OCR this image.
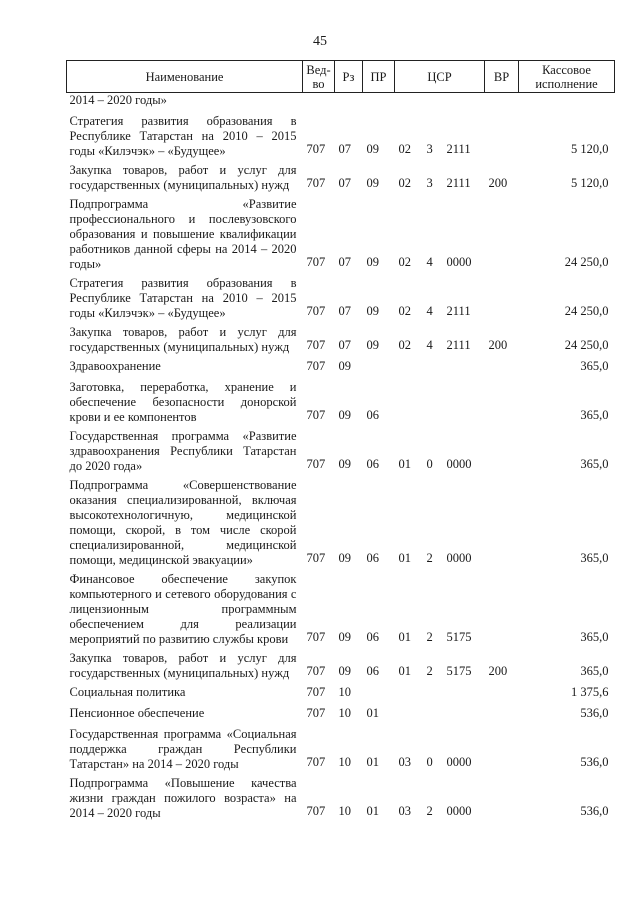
45
Наименование	Вед-во	Рз	ПР	ЦСР			ВР	Кассовое исполнение
2014 – 2020 годы»								
Стратегия развития образования в Республике Татарстан на 2010 – 2015 годы «Килэчэк» – «Будущее»	707	07	09	02	3	2111		5 120,0
Закупка товаров, работ и услуг для государственных (муниципальных) нужд	707	07	09	02	3	2111	200	5 120,0
Подпрограмма «Развитие профессионального и послевузовского образования и повышение квалификации работников данной сферы на 2014 – 2020 годы»	707	07	09	02	4	0000		24 250,0
Стратегия развития образования в Республике Татарстан на 2010 – 2015 годы «Килэчэк» – «Будущее»	707	07	09	02	4	2111		24 250,0
Закупка товаров, работ и услуг для государственных (муниципальных) нужд	707	07	09	02	4	2111	200	24 250,0
Здравоохранение	707	09						365,0
Заготовка, переработка, хранение и обеспечение безопасности донорской крови и ее компонентов	707	09	06					365,0
Государственная программа «Развитие здравоохранения Республики Татарстан до 2020 года»	707	09	06	01	0	0000		365,0
Подпрограмма «Совершенствование оказания специализированной, включая высокотехнологичную, медицинской помощи, скорой, в том числе скорой специализированной, медицинской помощи, медицинской эвакуации»	707	09	06	01	2	0000		365,0
Финансовое обеспечение закупок компьютерного и сетевого оборудования с лицензионным программным обеспечением для реализации мероприятий по развитию службы крови	707	09	06	01	2	5175		365,0
Закупка товаров, работ и услуг для государственных (муниципальных) нужд	707	09	06	01	2	5175	200	365,0
Социальная политика	707	10						1 375,6
Пенсионное обеспечение	707	10	01					536,0
Государственная программа «Социальная поддержка граждан Республики Татарстан» на 2014 – 2020 годы	707	10	01	03	0	0000		536,0
Подпрограмма «Повышение качества жизни граждан пожилого возраста» на 2014 – 2020 годы	707	10	01	03	2	0000		536,0
